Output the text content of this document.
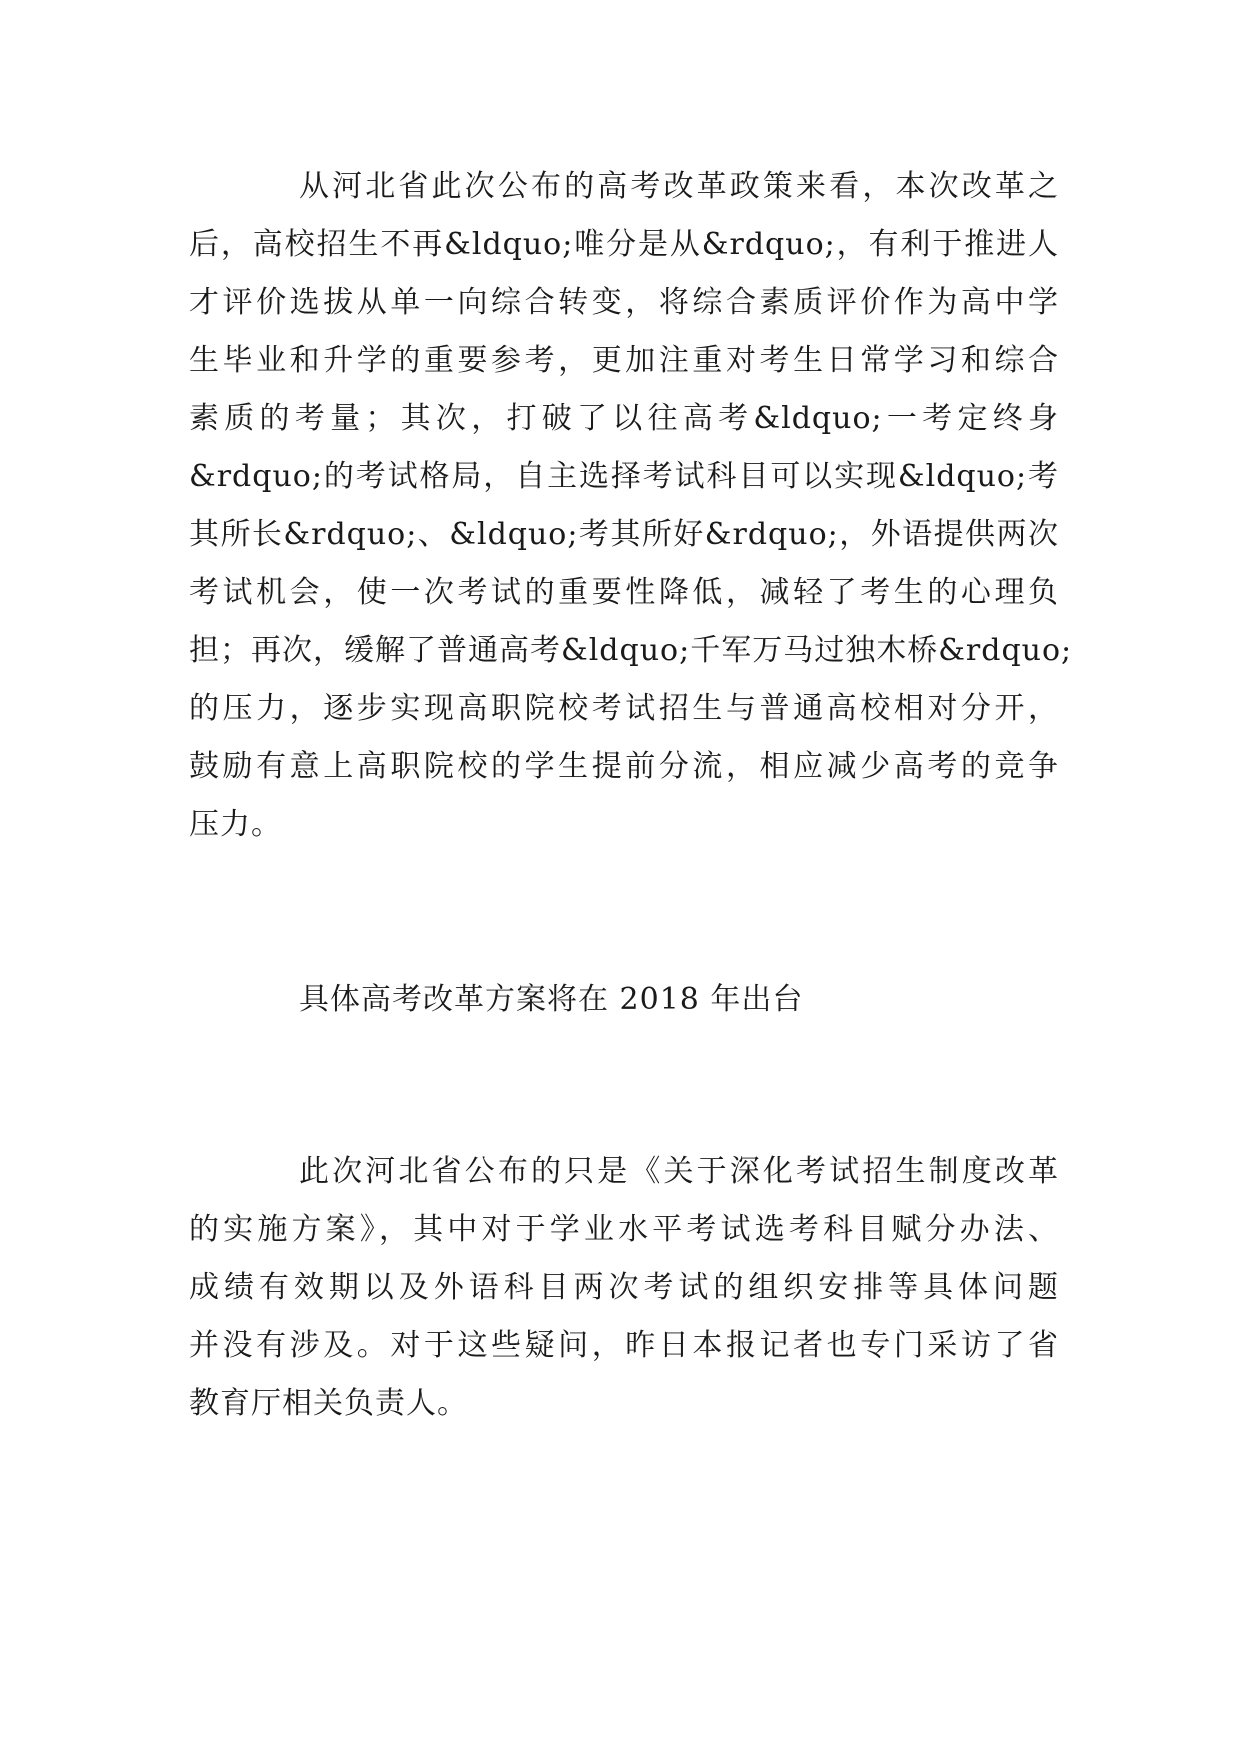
从河北省此次公布的高考改革政策来看，本次改革之
后，高校招生不再&ldquo;唯分是从&rdquo;，有利于推进人
才评价选拔从单一向综合转变，将综合素质评价作为高中学
生毕业和升学的重要参考，更加注重对考生日常学习和综合
素质的考量；其次，打破了以往高考&ldquo;一考定终身
&rdquo;的考试格局，自主选择考试科目可以实现&ldquo;考
其所长&rdquo;、&ldquo;考其所好&rdquo;，外语提供两次
考试机会，使一次考试的重要性降低，减轻了考生的心理负
担；再次，缓解了普通高考&ldquo;千军万马过独木桥&rdquo;
的压力，逐步实现高职院校考试招生与普通高校相对分开，
鼓励有意上高职院校的学生提前分流，相应减少高考的竞争
压力。
具体高考改革方案将在 2018 年出台
此次河北省公布的只是《关于深化考试招生制度改革
的实施方案》，其中对于学业水平考试选考科目赋分办法、
成绩有效期以及外语科目两次考试的组织安排等具体问题
并没有涉及。对于这些疑问，昨日本报记者也专门采访了省
教育厅相关负责人。
